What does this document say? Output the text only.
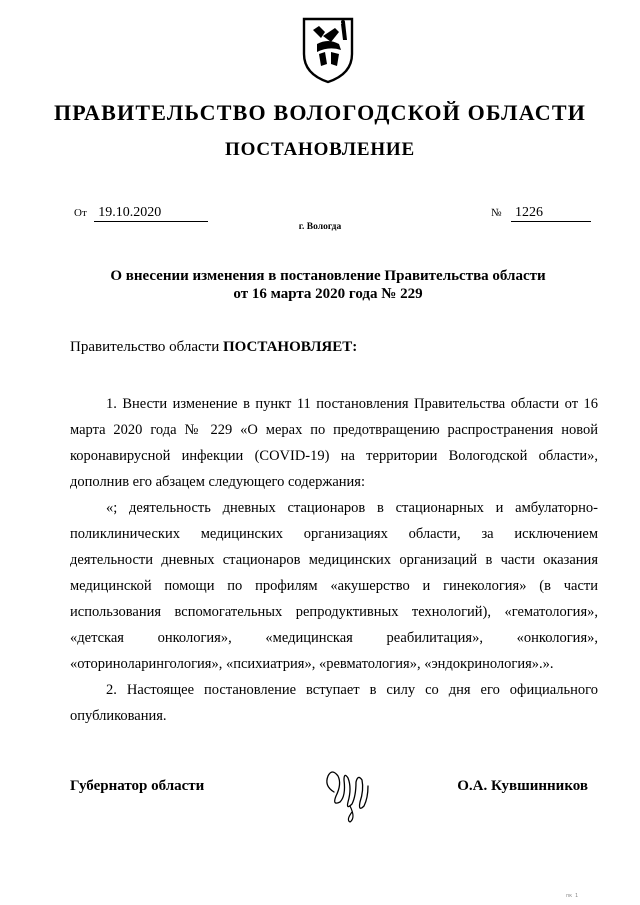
ПРАВИТЕЛЬСТВО ВОЛОГОДСКОЙ ОБЛАСТИ
ПОСТАНОВЛЕНИЕ
От 19.10.2020	№ 1226
г. Вологда
О внесении изменения в постановление Правительства области
от 16 марта 2020 года № 229
Правительство области ПОСТАНОВЛЯЕТ:

1. Внести изменение в пункт 11 постановления Правительства области от 16 марта 2020 года № 229 «О мерах по предотвращению распространения новой коронавирусной инфекции (COVID-19) на территории Вологодской области», дополнив его абзацем следующего содержания:

«; деятельность дневных стационаров в стационарных и амбулаторно-поликлинических медицинских организациях области, за исключением деятельности дневных стационаров медицинских организаций в части оказания медицинской помощи по профилям «акушерство и гинекология» (в части использования вспомогательных репродуктивных технологий), «гематология», «детская онкология», «медицинская реабилитация», «онкология», «оториноларингология», «психиатрия», «ревматология», «эндокринология».».

2. Настоящее постановление вступает в силу со дня его официального опубликования.

Губернатор области	О.А. Кувшинников
пк 1
